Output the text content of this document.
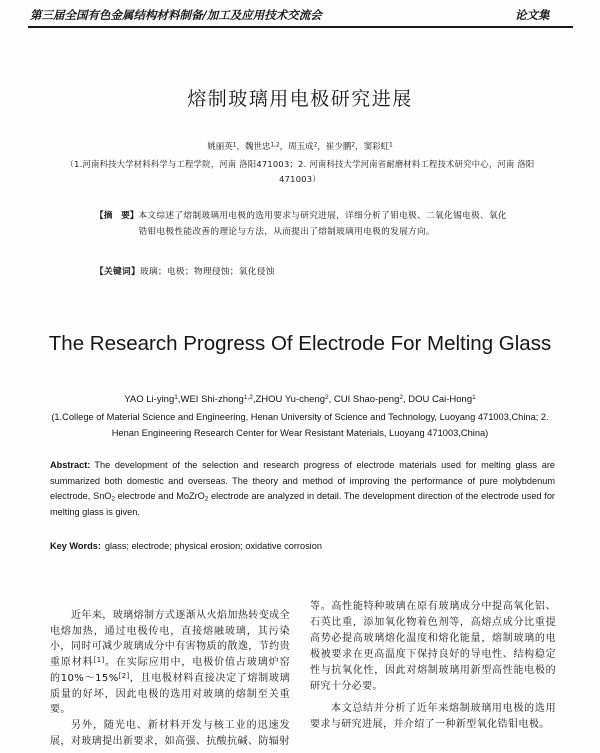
第三届全国有色金属结构材料制备/加工及应用技术交流会	论文集
熔制玻璃用电极研究进展
姚丽英$^1$，魏世忠$^{1,2}$，周玉成$^2$，崔少鹏$^2$，窦彩虹$^1$
（1.河南科技大学材料科学与工程学院，河南 洛阳471003；2. 河南科技大学河南省耐磨材料工程技术研究中心，河南 洛阳 471003）
【摘　要】 本文综述了熔制玻璃用电极的选用要求与研究进展，详细分析了钼电极、二氧化锡电极、氧化锆钼电极性能改善的理论与方法，从而提出了熔制玻璃用电极的发展方向。
【关键词】玻璃；电极；物理侵蚀；氧化侵蚀
The Research Progress Of Electrode For Melting Glass
YAO Li-ying$^1$,WEI Shi-zhong$^{1,2}$,ZHOU Yu-cheng$^2$, CUI Shao-peng$^2$, DOU Cai-Hong$^1$
(1.College of Material Science and Engineering, Henan University of Science and Technology, Luoyang 471003,China; 2. Henan Engineering Research Center for Wear Resistant Materials, Luoyang 471003,China)
Abstract: The development of the selection and research progress of electrode materials used for melting glass are summarized both domestic and overseas. The theory and method of improving the performance of pure molybdenum electrode, SnO$_2$ electrode and MoZrO$_2$ electrode are analyzed in detail. The development direction of the electrode used for melting glass is given.
Key Words: glass; electrode; physical erosion; oxidative corrosion

近年来，玻璃熔制方式逐渐从火焰加热转变成全电熔加热，通过电极传电，直接熔融玻璃，其污染小，同时可减少玻璃成分中有害物质的散逸，节约贵重原材料[1]。在实际应用中，电极价值占玻璃炉窑的10%～15%[2]，且电极材料直接决定了熔制玻璃质量的好坏，因此电极的选用对玻璃的熔制至关重要。

另外，随光电、新材料开发与核工业的迅速发展，对玻璃提出新要求，如高强、抗酸抗碱、防辐射

等。高性能特种玻璃在原有玻璃成分中提高氧化铝、石英比重，添加氧化物着色剂等，高熔点成分比重提高势必提高玻璃熔化温度和熔化能量，熔制玻璃的电极被要求在更高温度下保持良好的导电性、结构稳定性与抗氧化性，因此对熔制玻璃用新型高性能电极的研究十分必要。

本文总结并分析了近年来熔制玻璃用电极的选用要求与研究进展，并介绍了一种新型氧化锆钼电极。
